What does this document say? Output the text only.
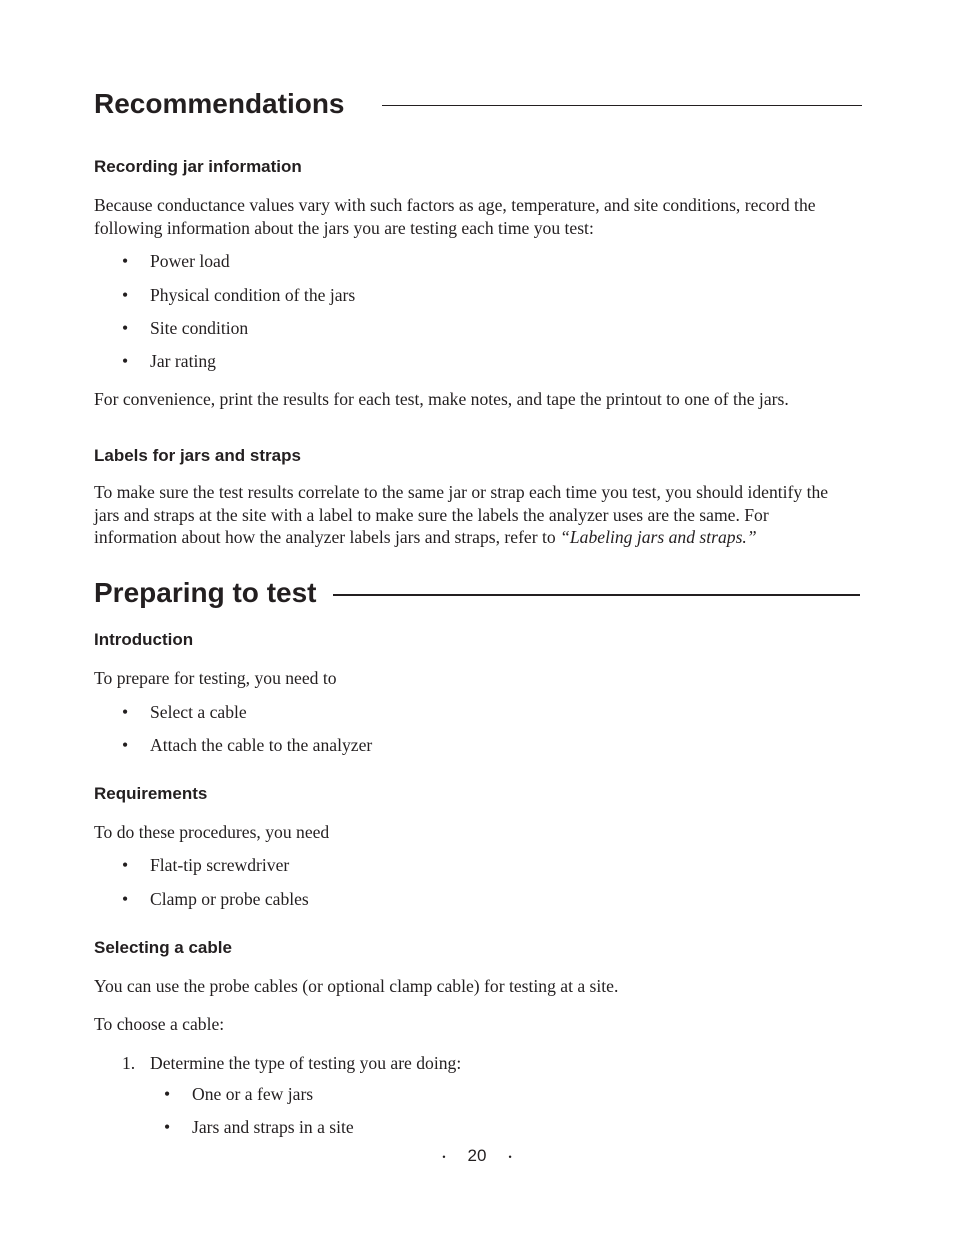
Recommendations
Recording jar information

Because conductance values vary with such factors as age, temperature, and site conditions, record the following information about the jars you are testing each time you test:

• Power load
• Physical condition of the jars
• Site condition
• Jar rating

For convenience, print the results for each test, make notes, and tape the printout to one of the jars.

Labels for jars and straps

To make sure the test results correlate to the same jar or strap each time you test, you should identify the jars and straps at the site with a label to make sure the labels the analyzer uses are the same. For information about how the analyzer labels jars and straps, refer to “Labeling jars and straps.”

Preparing to test
Introduction

To prepare for testing, you need to

• Select a cable
• Attach the cable to the analyzer
Requirements

To do these procedures, you need

• Flat-tip screwdriver
• Clamp or probe cables
Selecting a cable

You can use the probe cables (or optional clamp cable) for testing at a site.

To choose a cable:

1. Determine the type of testing you are doing:
• One or a few jars
• Jars and straps in a site
• 20 •
